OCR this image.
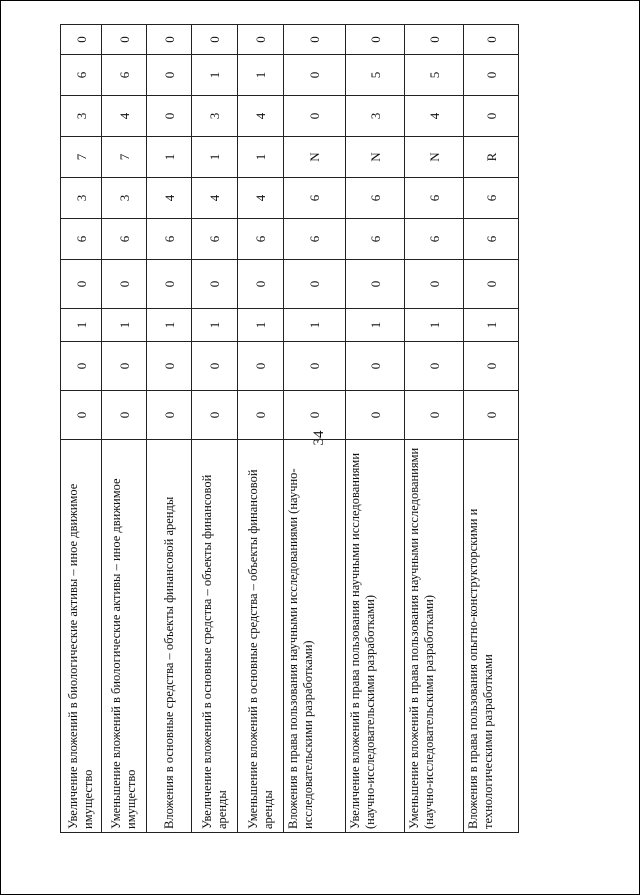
34
Увеличение вложений в биологические активы – иное движимое имущество	0	0	1	0	6	3	7	3	6	0
Уменьшение вложений в биологические активы – иное движимое имущество	0	0	1	0	6	3	7	4	6	0
Вложения в основные средства – объекты финансовой аренды	0	0	1	0	6	4	1	0	0	0
Увеличение вложений в основные средства – объекты финансовой аренды	0	0	1	0	6	4	1	3	1	0
Уменьшение вложений в основные средства – объекты финансовой аренды	0	0	1	0	6	4	1	4	1	0
Вложения в права пользования научными исследованиями (научно-исследовательскими разработками)	0	0	1	0	6	6	N	0	0	0
Увеличение вложений в права пользования научными исследованиями (научно-исследовательскими разработками)	0	0	1	0	6	6	N	3	5	0
Уменьшение вложений в права пользования научными исследованиями (научно-исследовательскими разработками)	0	0	1	0	6	6	N	4	5	0
Вложения в права пользования опытно-конструкторскими и технологическими разработками	0	0	1	0	6	6	R	0	0	0
